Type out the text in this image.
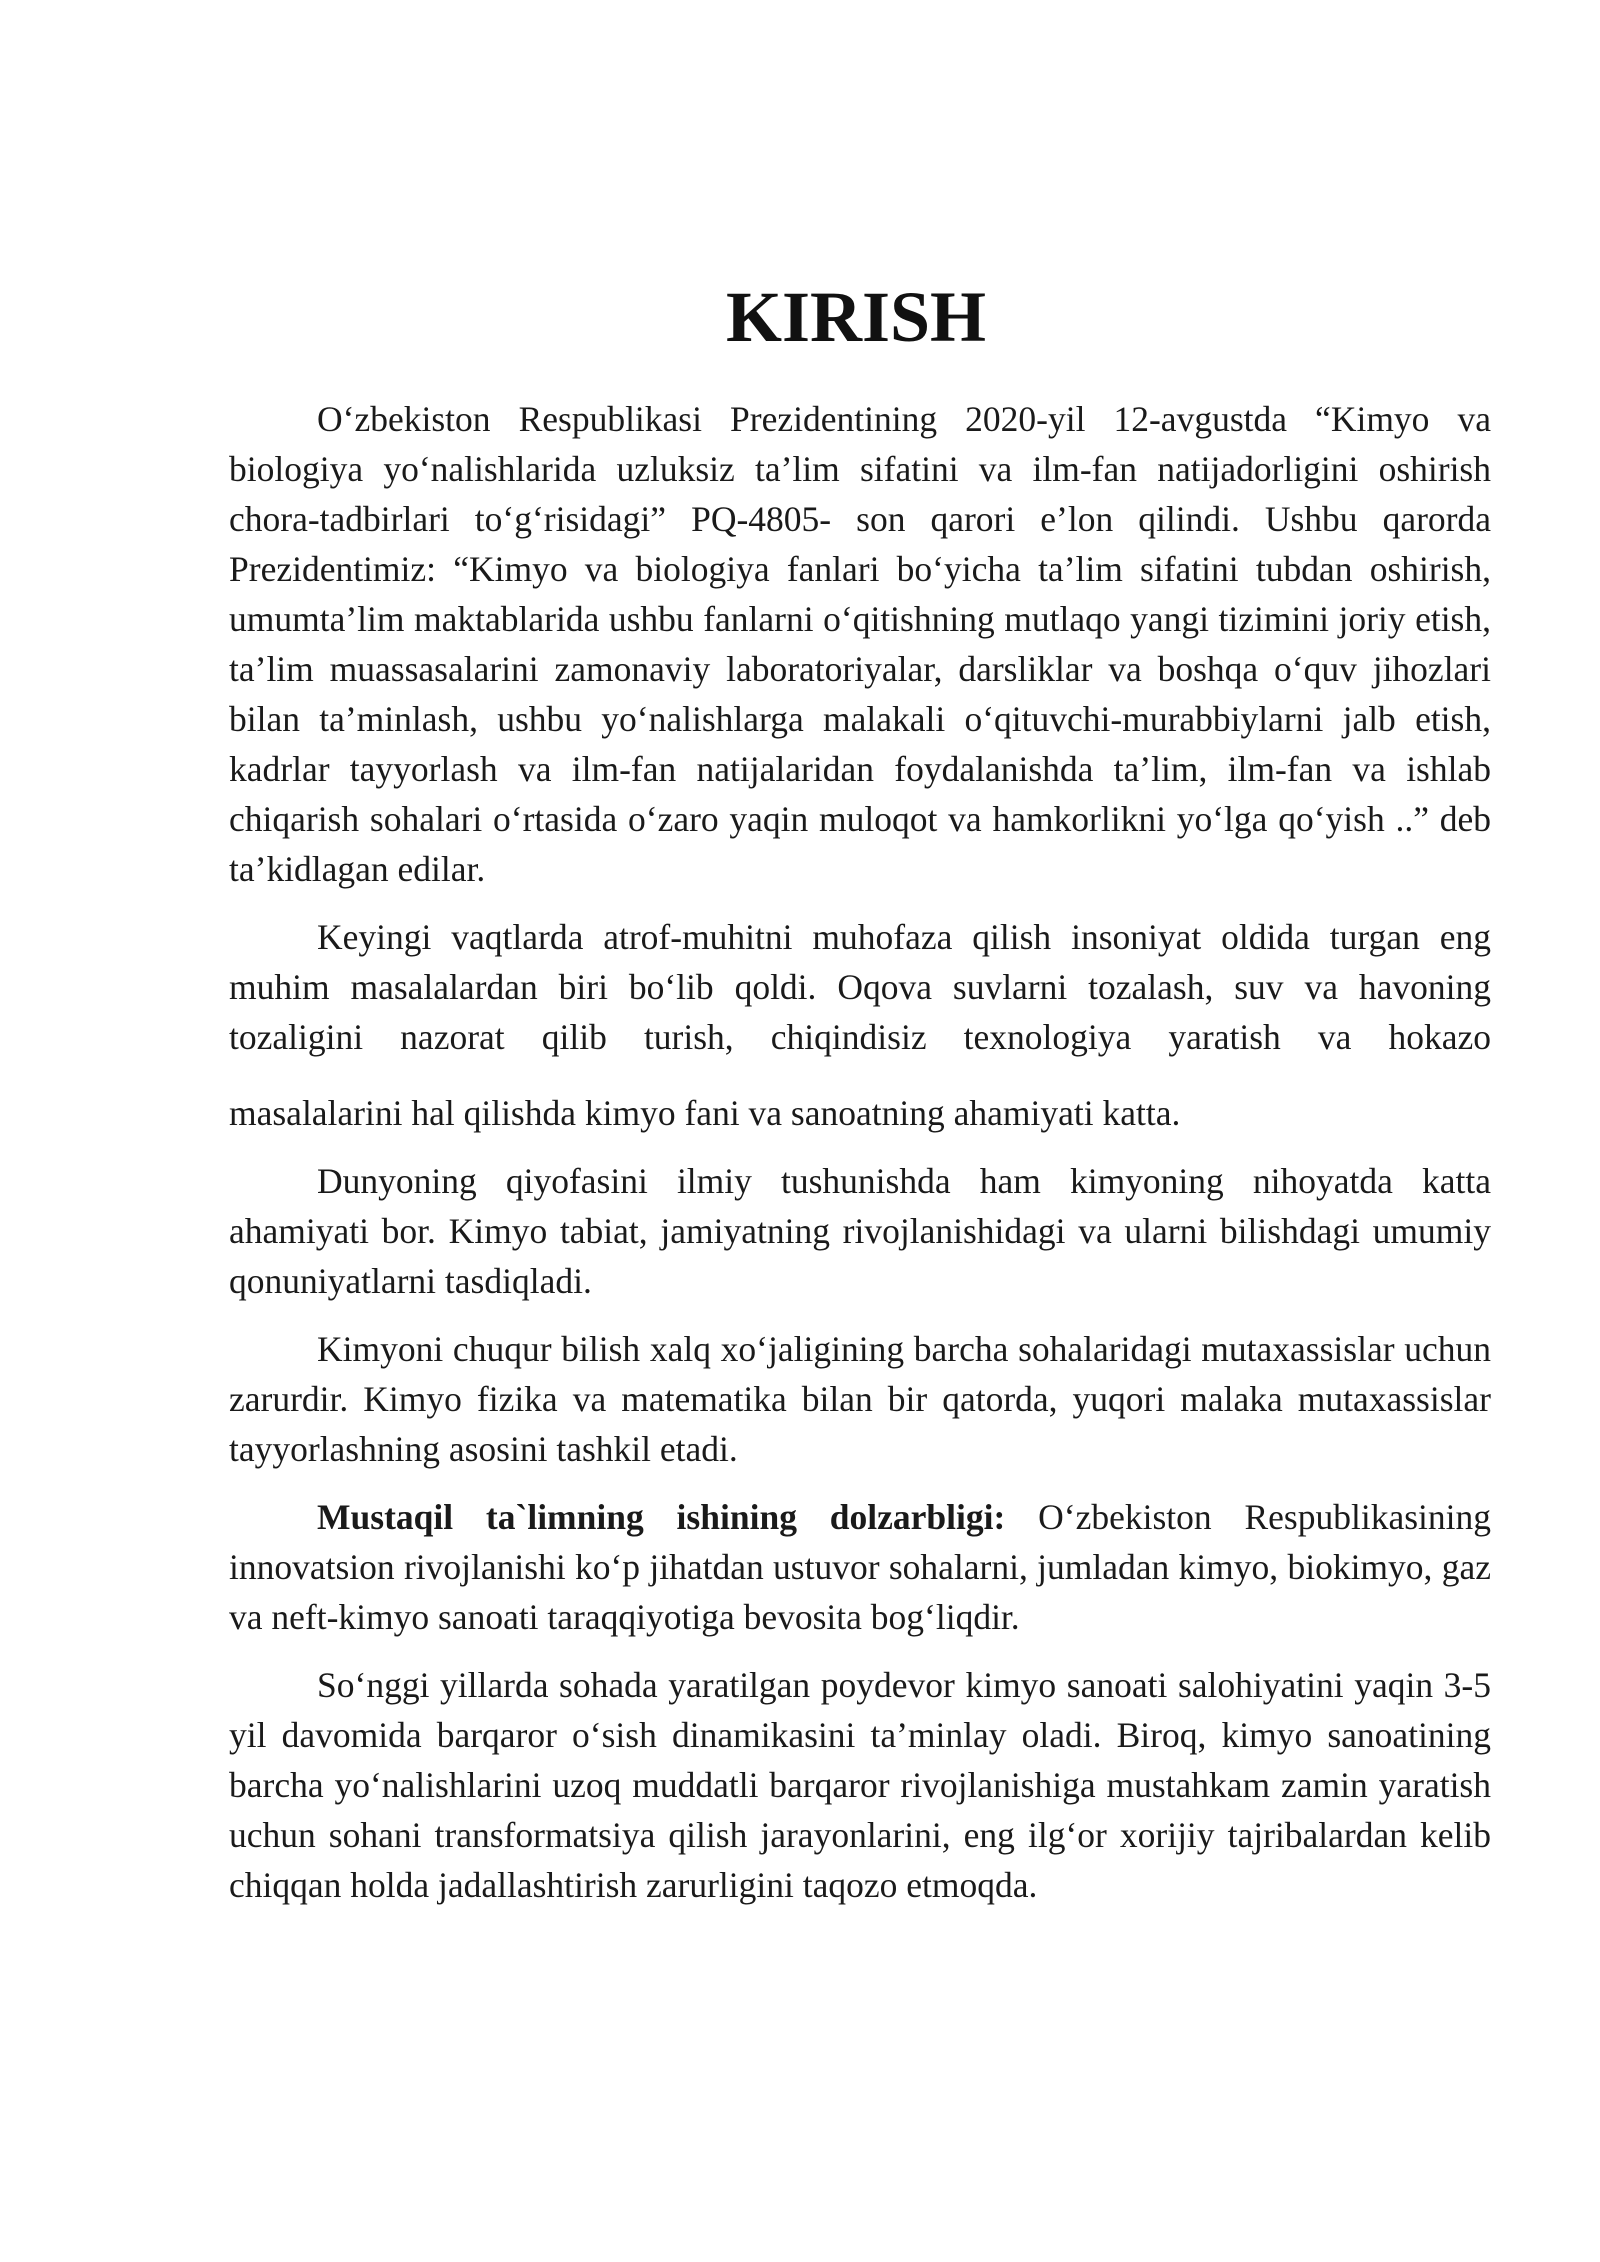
KIRISH

O‘zbekiston Respublikasi Prezidentining 2020-yil 12-avgustda “Kimyo va biologiya yo‘nalishlarida uzluksiz ta’lim sifatini va ilm-fan natijadorligini oshirish chora-tadbirlari to‘g‘risidagi” PQ-4805- son qarori e’lon qilindi. Ushbu qarorda Prezidentimiz: “Kimyo va biologiya fanlari bo‘yicha ta’lim sifatini tubdan oshirish, umumta’lim maktablarida ushbu fanlarni o‘qitishning mutlaqo yangi tizimini joriy etish, ta’lim muassasalarini zamonaviy laboratoriyalar, darsliklar va boshqa o‘quv jihozlari bilan ta’minlash, ushbu yo‘nalishlarga malakali o‘qituvchi-murabbiylarni jalb etish, kadrlar tayyorlash va ilm-fan natijalaridan foydalanishda ta’lim, ilm-fan va ishlab chiqarish sohalari o‘rtasida o‘zaro yaqin muloqot va hamkorlikni yo‘lga qo‘yish ..” deb ta’kidlagan edilar.

Keyingi vaqtlarda atrof-muhitni muhofaza qilish insoniyat oldida turgan eng muhim masalalardan biri bo‘lib qoldi. Oqova suvlarni tozalash, suv va havoning tozaligini nazorat qilib turish, chiqindisiz texnologiya yaratish va hokazo

masalalarini hal qilishda kimyo fani va sanoatning ahamiyati katta.

Dunyoning qiyofasini ilmiy tushunishda ham kimyoning nihoyatda katta ahamiyati bor. Kimyo tabiat, jamiyatning rivojlanishidagi va ularni bilishdagi umumiy qonuniyatlarni tasdiqladi.

Kimyoni chuqur bilish xalq xo‘jaligining barcha sohalaridagi mutaxassislar uchun zarurdir. Kimyo fizika va matematika bilan bir qatorda, yuqori malaka mutaxassislar tayyorlashning asosini tashkil etadi.

Mustaqil ta`limning ishining dolzarbligi: O‘zbekiston Respublikasining innovatsion rivojlanishi ko‘p jihatdan ustuvor sohalarni, jumladan kimyo, biokimyo, gaz va neft-kimyo sanoati taraqqiyotiga bevosita bog‘liqdir.

So‘nggi yillarda sohada yaratilgan poydevor kimyo sanoati salohiyatini yaqin 3-5 yil davomida barqaror o‘sish dinamikasini ta’minlay oladi. Biroq, kimyo sanoatining barcha yo‘nalishlarini uzoq muddatli barqaror rivojlanishiga mustahkam zamin yaratish uchun sohani transformatsiya qilish jarayonlarini, eng ilg‘or xorijiy tajribalardan kelib chiqqan holda jadallashtirish zarurligini taqozo etmoqda.
